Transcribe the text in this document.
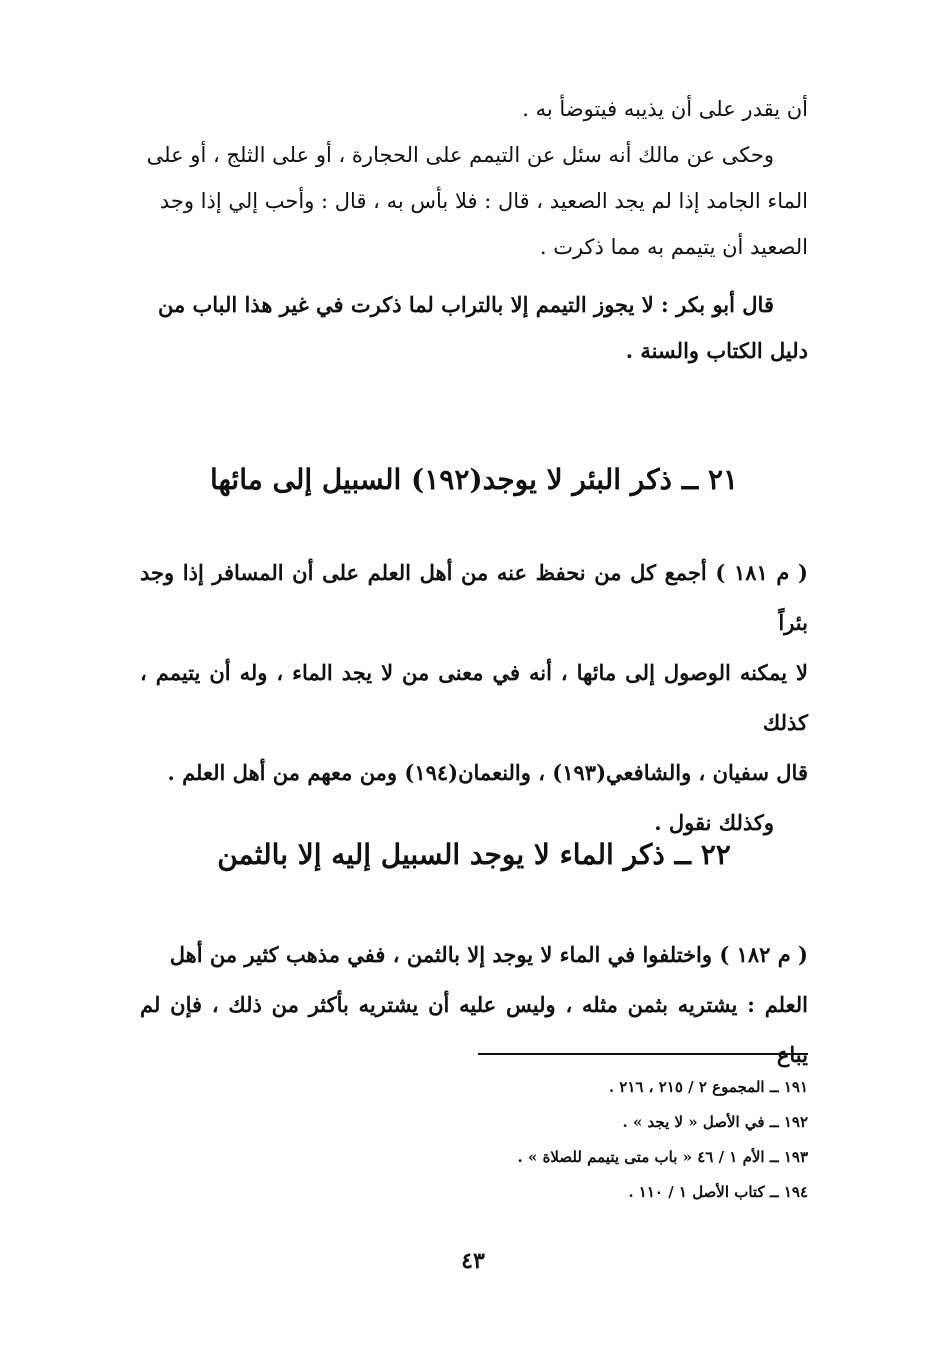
أن يقدر على أن يذيبه فيتوضأ به .

وحكى عن مالك أنه سئل عن التيمم على الحجارة ، أو على الثلج ، أو على

الماء الجامد إذا لم يجد الصعيد ، قال : فلا بأس به ، قال : وأحب إلي إذا وجد

الصعيد أن يتيمم به مما ذكرت .

قال أبو بكر : لا يجوز التيمم إلا بالتراب لما ذكرت في غير هذا الباب من

دليل الكتاب والسنة .

٢١ ــ ذكر البئر لا يوجد(١٩٢) السبيل إلى مائها

( م ١٨١ ) أجمع كل من نحفظ عنه من أهل العلم على أن المسافر إذا وجد بئراً

لا يمكنه الوصول إلى مائها ، أنه في معنى من لا يجد الماء ، وله أن يتيمم ، كذلك

قال سفيان ، والشافعي(١٩٣) ، والنعمان(١٩٤) ومن معهم من أهل العلم .

وكذلك نقول .

٢٢ ــ ذكر الماء لا يوجد السبيل إليه إلا بالثمن

( م ١٨٢ ) واختلفوا في الماء لا يوجد إلا بالثمن ، ففي مذهب كثير من أهل

العلم : يشتريه بثمن مثله ، وليس عليه أن يشتريه بأكثر من ذلك ، فإن لم يباع

١٩١ ــ المجموع ٢ / ٢١٥ ، ٢١٦ .

١٩٢ ــ في الأصل « لا يجد » .

١٩٣ ــ الأم ١ / ٤٦ « باب متى يتيمم للصلاة » .

١٩٤ ــ كتاب الأصل ١ / ١١٠ .

٤٣
